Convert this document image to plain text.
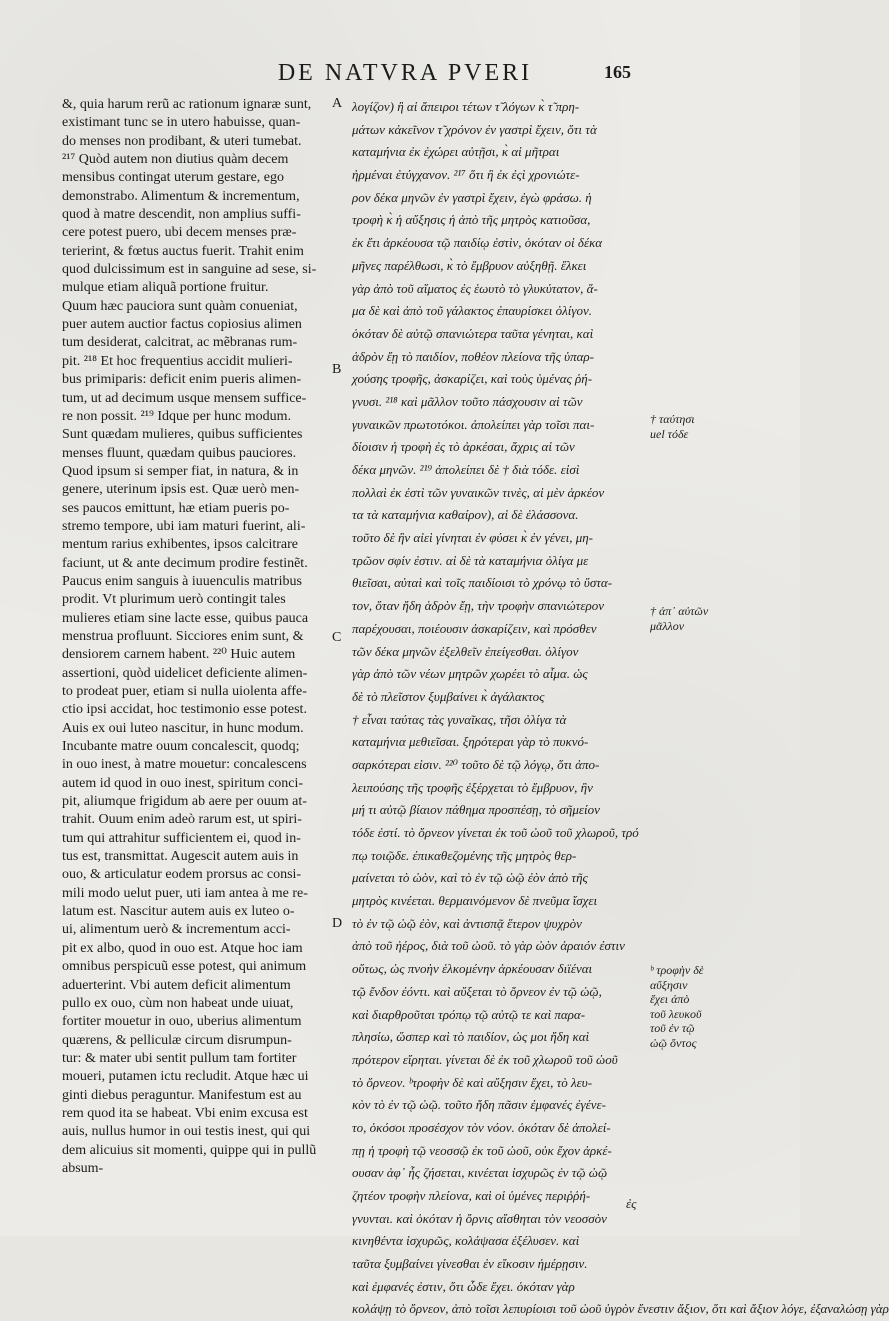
DE NATVRA PVERI	165
&, quia harum rerũ ac rationum ignaræ sunt,
existimant tunc se in utero habuisse, quan-
do menses non prodibant, & uteri tumebat.
²¹⁷ Quòd autem non diutius quàm decem
mensibus contingat uterum gestare, ego
demonstrabo. Alimentum & incrementum,
quod à matre descendit, non amplius suffi-
cere potest puero, ubi decem menses præ-
terierint, & fœtus auctus fuerit. Trahit enim
quod dulcissimum est in sanguine ad sese, si-
mulque etiam aliquã portione fruitur.
Quum hæc pauciora sunt quàm conueniat,
puer autem auctior factus copiosius alimen
tum desiderat, calcitrat, ac mẽbranas rum-
pit. ²¹⁸ Et hoc frequentius accidit mulieri-
bus primiparis: deficit enim pueris alimen-
tum, ut ad decimum usque mensem suffice-
re non possit. ²¹⁹ Idque per hunc modum.
Sunt quædam mulieres, quibus sufficientes
menses fluunt, quædam quibus pauciores.
Quod ipsum si semper fiat, in natura, & in
genere, uterinum ipsis est. Quæ uerò men-
ses paucos emittunt, hæ etiam pueris po-
stremo tempore, ubi iam maturi fuerint, ali-
mentum rarius exhibentes, ipsos calcitrare
faciunt, ut & ante decimum prodire festinẽt.
Paucus enim sanguis à iuuenculis matribus
prodit. Vt plurimum uerò contingit tales
mulieres etiam sine lacte esse, quibus pauca
menstrua profluunt. Sicciores enim sunt, &
densiorem carnem habent. ²²⁰ Huic autem
assertioni, quòd uidelicet deficiente alimen-
to prodeat puer, etiam si nulla uiolenta affe-
ctio ipsi accidat, hoc testimonio esse potest.
Auis ex oui luteo nascitur, in hunc modum.
Incubante matre ouum concalescit, quodq;
in ouo inest, à matre mouetur: concalescens
autem id quod in ouo inest, spiritum conci-
pit, aliumque frigidum ab aere per ouum at-
trahit. Ouum enim adeò rarum est, ut spiri-
tum qui attrahitur sufficientem ei, quod in-
tus est, transmittat. Augescit autem auis in
ouo, & articulatur eodem prorsus ac consi-
mili modo uelut puer, uti iam antea à me re-
latum est. Nascitur autem auis ex luteo o-
ui, alimentum uerò & incrementum acci-
pit ex albo, quod in ouo est. Atque hoc iam
omnibus perspicuũ esse potest, qui animum
aduerterint. Vbi autem deficit alimentum
pullo ex ouo, cùm non habeat unde uiuat,
fortiter mouetur in ouo, uberius alimentum
quærens, & pelliculæ circum disrumpun-
tur: & mater ubi sentit pullum tam fortiter
moueri, putamen ictu recludit. Atque hæc ui
ginti diebus peraguntur. Manifestum est au
rem quod ita se habeat. Vbi enim excusa est
auis, nullus humor in oui testis inest, qui qui
dem alicuius sit momenti, quippe qui in pullũ
absum-
A
B
C
D
λογίζον) ἢ αἱ ἄπειροι τέτων τ̃ λόγων κ̀ τ̃ πρη-
μάτων κἀκεῖνον τ̃ χρόνον ἐν γαστρὶ ἔχειν, ὅτι τὰ
καταμήνια ἐκ ἐχώρει αὐτῇσι, κ̀ αἱ μῆτραι
ἠρμέναι ἐτύγχανον. ²¹⁷ ὅτι ἢ ἐκ ἐςὶ χρονιώτε-
ρον δέκα μηνῶν ἐν γαστρὶ ἔχειν, ἐγὼ φράσω. ἡ
τροφὴ κ̀ ἡ αὔξησις ἡ ἀπὸ τῆς μητρὸς κατιοῦσα,
ἐκ ἔτι ἀρκέουσα τῷ παιδίῳ ἐστὶν, ὁκόταν οἱ δέκα
μῆνες παρέλθωσι, κ̀ τὸ ἔμβρυον αὐξηθῇ. ἕλκει
γὰρ ἀπὸ τοῦ αἵματος ἐς ἑωυτὸ τὸ γλυκύτατον, ἅ-
μα δὲ καὶ ἀπὸ τοῦ γάλακτος ἐπαυρίσκει ὀλίγον.
ὁκόταν δὲ αὐτῷ σπανιώτερα ταῦτα γένηται, καὶ
ἁδρὸν ἔῃ τὸ παιδίον, ποθέον πλείονα τῆς ὑπαρ-
χούσης τροφῆς, ἀσκαρίζει, καὶ τοὺς ὑμένας ῥή-
γνυσι. ²¹⁸ καὶ μᾶλλον τοῦτο πάσχουσιν αἱ τῶν
γυναικῶν πρωτοτόκοι. ἀπολείπει γὰρ τοῖσι παι-
δίοισιν ἡ τροφὴ ἐς τὸ ἀρκέσαι, ἄχρις αἱ τῶν
δέκα μηνῶν. ²¹⁹ ἀπολείπει δὲ † διὰ τόδε. εἰσὶ
πολλαὶ ἐκ ἐστὶ τῶν γυναικῶν τινὲς, αἱ μὲν ἀρκέον
τα τὰ καταμήνια καθαίρον), αἱ δὲ ἐλάσσονα.
τοῦτο δὲ ἢν αἰεὶ γίνηται ἐν φύσει κ̀ ἐν γένει, μη-
τρῶον σφίν ἐστιν. αἱ δὲ τὰ καταμήνια ὀλίγα με
θιεῖσαι, αὐταὶ καὶ τοῖς παιδίοισι τὸ χρόνῳ τὸ ὕστα-
τον, ὅταν ἤδη ἁδρὸν ἔῃ, τὴν τροφὴν σπανιώτερον
παρέχουσαι, ποιέουσιν ἀσκαρίζειν, καὶ πρόσθεν
τῶν δέκα μηνῶν ἐξελθεῖν ἐπείγεσθαι. ὀλίγον
γὰρ ἀπὸ τῶν νέων μητρῶν χωρέει τὸ αἷμα. ὡς
δὲ τὸ πλεῖστον ξυμβαίνει κ̀ ἀγάλακτος
† εἶναι ταύτας τὰς γυναῖκας, τῆσι ὀλίγα τὰ
καταμήνια μεθιεῖσαι. ξηρότεραι γὰρ τὸ πυκνό-
σαρκότεραι εἰσιν. ²²⁰ τοῦτο δὲ τῷ λόγῳ, ὅτι ἀπο-
λειπούσης τῆς τροφῆς ἐξέρχεται τὸ ἔμβρυον, ἢν
μή τι αὐτῷ βίαιον πάθημα προσπέσῃ, τὸ σῆμείον
τόδε ἐστί. τὸ ὄρνεον γίνεται ἐκ τοῦ ὠοῦ τοῦ χλωροῦ, τρό
πῳ τοιῷδε. ἐπικαθεζομένης τῆς μητρὸς θερ-
μαίνεται τὸ ὠὸν, καὶ τὸ ἐν τῷ ὠῷ ἐὸν ἀπὸ τῆς
μητρὸς κινέεται. θερμαινόμενον δὲ πνεῦμα ἴσχει
τὸ ἐν τῷ ὠῷ ἐὸν, καὶ ἀντισπᾷ ἕτερον ψυχρὸν
ἀπὸ τοῦ ἠέρος, διὰ τοῦ ὠοῦ. τὸ γὰρ ὠὸν ἀραιόν ἐστιν
οὕτως, ὡς πνοὴν ἑλκομένην ἀρκέουσαν διϊέναι
τῷ ἔνδον ἐόντι. καὶ αὔξεται τὸ ὄρνεον ἐν τῷ ὠῷ,
καὶ διαρθροῦται τρόπῳ τῷ αὐτῷ τε καὶ παρα-
πλησίω, ὥσπερ καὶ τὸ παιδίον, ὡς μοι ἤδη καὶ
πρότερον εἴρηται. γίνεται δὲ ἐκ τοῦ χλωροῦ τοῦ ὠοῦ
τὸ ὄρνεον. ᵇτροφὴν δὲ καὶ αὔξησιν ἔχει, τὸ λευ-
κὸν τὸ ἐν τῷ ὠῷ. τοῦτο ἤδη πᾶσιν ἐμφανές ἐγένε-
το, ὁκόσοι προσέσχον τὸν νόον. ὁκόταν δὲ ἀπολεί-
πῃ ἡ τροφὴ τῷ νεοσσῷ ἐκ τοῦ ὠοῦ, οὐκ ἔχον ἀρκέ-
ουσαν ἀφ᾽ ἧς ζήσεται, κινέεται ἰσχυρῶς ἐν τῷ ὠῷ
ζητέον τροφὴν πλείονα, καὶ οἱ ὑμένες περιῤῥή-
γνυνται. καὶ ὁκόταν ἡ ὄρνις αἴσθηται τὸν νεοσσὸν
κινηθέντα ἰσχυρῶς, κολάψασα ἐξέλυσεν. καὶ
ταῦτα ξυμβαίνει γίνεσθαι ἐν εἴκοσιν ἡμέρῃσιν.
καὶ ἐμφανές ἐστιν, ὅτι ὧδε ἔχει. ὁκόταν γὰρ
κολάψῃ τὸ ὄρνεον, ἀπὸ τοῖσι λεπυρίοισι τοῦ ὠοῦ ὑγρὸν ἔνεστιν ἄξιον, ὅτι καὶ ἄξιον λόγε, ἐξαναλώσῃ γὰρ
† ταύτησι
uel τόδε
† ἀπ᾽ αὐτῶν
μᾶλλον
ᵇ τροφὴν δὲ
αὔξησιν
ἔχει ἀπὸ
τοῦ λευκοῦ
τοῦ ἐν τῷ
ὠῷ ὄντος
ἐς
